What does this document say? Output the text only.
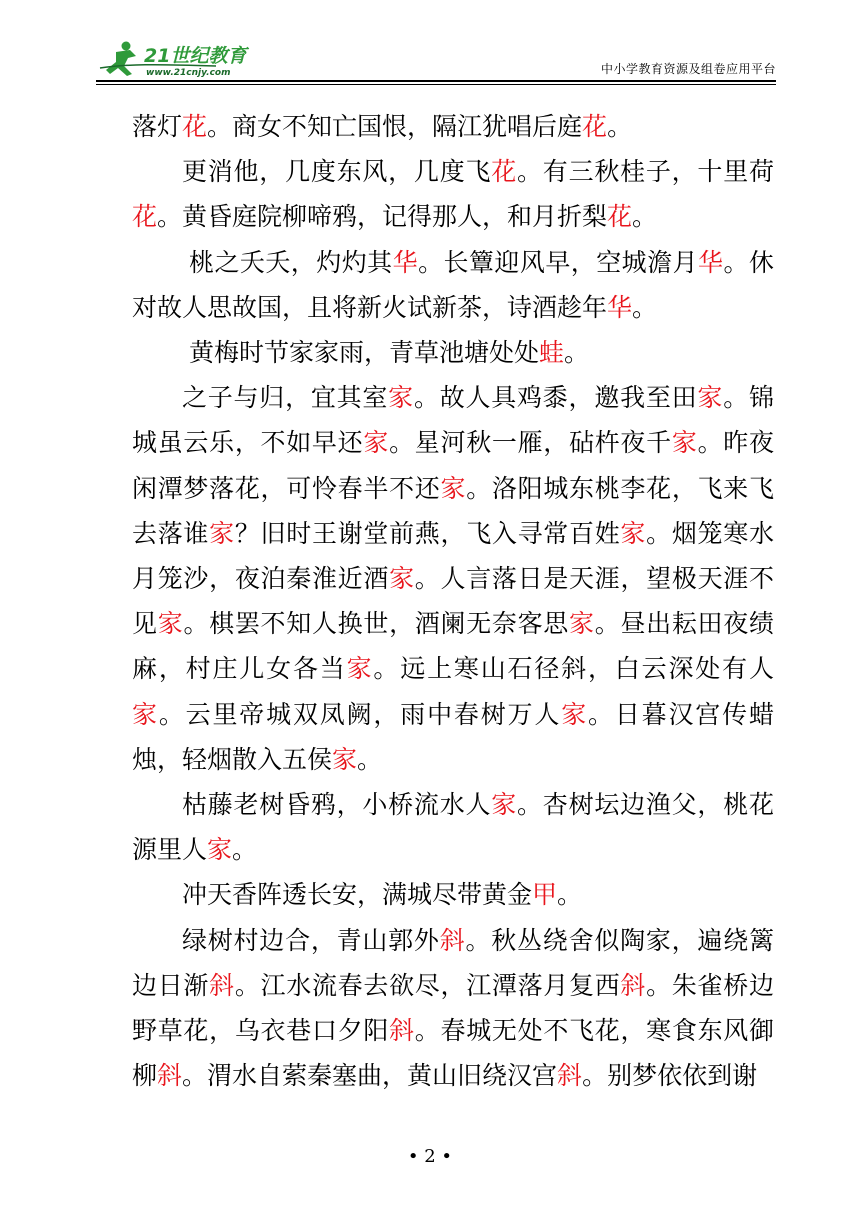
21世纪教育
www.21cnjy.com	中小学教育资源及组卷应用平台

落灯花。商女不知亡国恨，隔江犹唱后庭花。

更消他，几度东风，几度飞花。有三秋桂子，十里荷花。黄昏庭院柳啼鸦，记得那人，和月折梨花。

桃之夭夭，灼灼其华。长簟迎风早，空城澹月华。休对故人思故国，且将新火试新茶，诗酒趁年华。

黄梅时节家家雨，青草池塘处处蛙。

之子与归，宜其室家。故人具鸡黍，邀我至田家。锦城虽云乐，不如早还家。星河秋一雁，砧杵夜千家。昨夜闲潭梦落花，可怜春半不还家。洛阳城东桃李花，飞来飞去落谁家？旧时王谢堂前燕，飞入寻常百姓家。烟笼寒水月笼沙，夜泊秦淮近酒家。人言落日是天涯，望极天涯不见家。棋罢不知人换世，酒阑无奈客思家。昼出耘田夜绩麻，村庄儿女各当家。远上寒山石径斜，白云深处有人家。云里帝城双凤阙，雨中春树万人家。日暮汉宫传蜡烛，轻烟散入五侯家。

枯藤老树昏鸦，小桥流水人家。杏树坛边渔父，桃花源里人家。

冲天香阵透长安，满城尽带黄金甲。

绿树村边合，青山郭外斜。秋丛绕舍似陶家，遍绕篱边日渐斜。江水流春去欲尽，江潭落月复西斜。朱雀桥边野草花，乌衣巷口夕阳斜。春城无处不飞花，寒食东风御柳斜。渭水自萦秦塞曲，黄山旧绕汉宫斜。别梦依依到谢

• 2 •
